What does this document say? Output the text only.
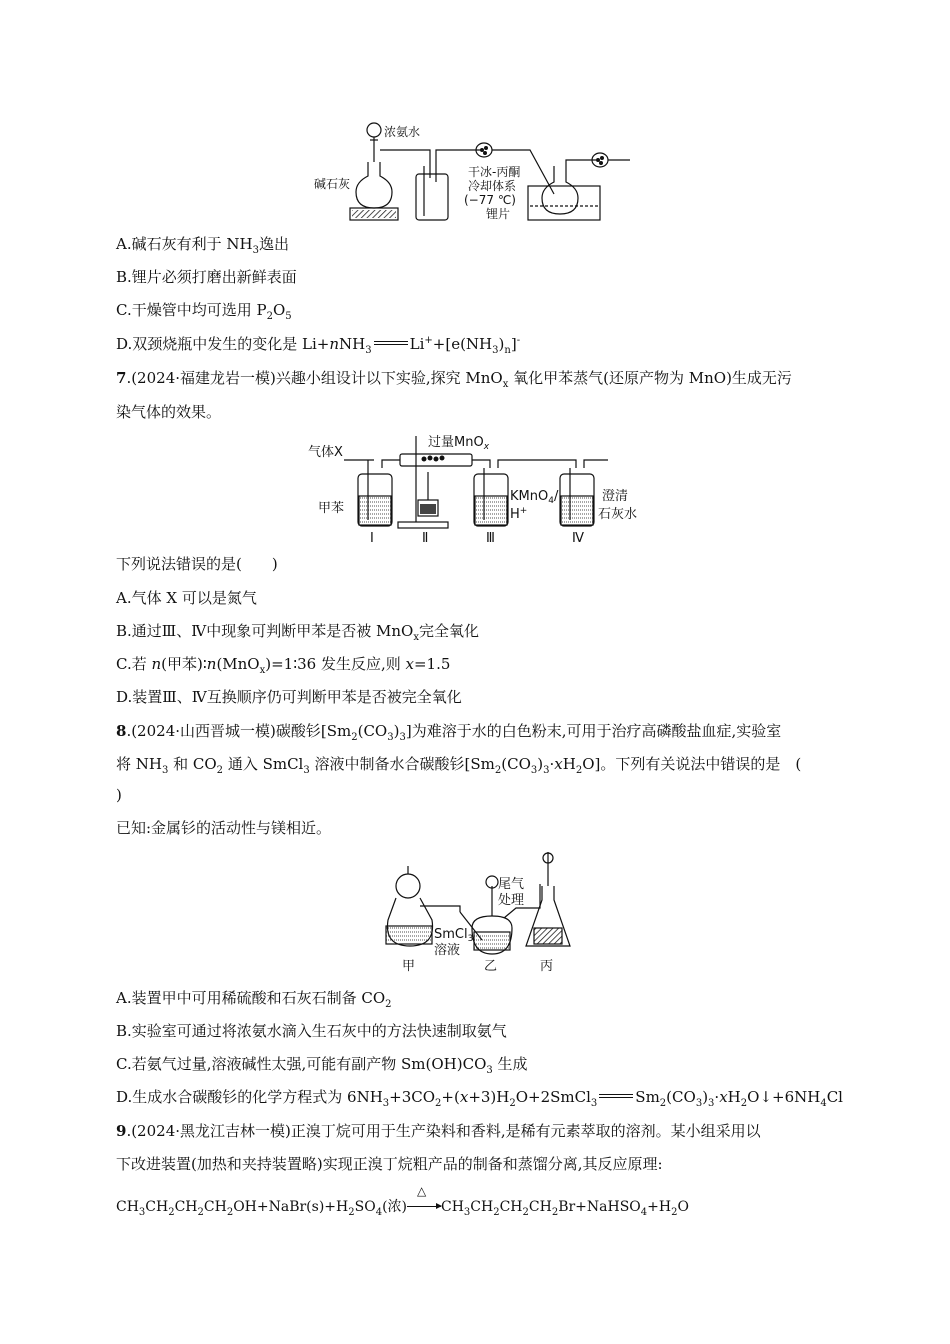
浓氨水
碱石灰
干冰-丙酮
冷却体系
(−77 ℃)
锂片
A.碱石灰有利于 $NH_3$逸出
B.锂片必须打磨出新鲜表面
C.干燥管中均可选用 $P_2O_5$
D.双颈烧瓶中发生的变化是 Li+nNH$_3$	$Li^++[e(NH_3)_n]^-$
7.(2024·福建龙岩一模)兴趣小组设计以下实验,探究 MnO$_x$ 氧化甲苯蒸气(还原产物为 MnO)生成无污
染气体的效果。
气体X
过量MnO$_x$
甲苯
KMnO$_4$/
H+
澄清
石灰水
Ⅰ	Ⅱ	Ⅲ	Ⅳ
下列说法错误的是(　　)
A.气体 X 可以是氮气
B.通过Ⅲ、Ⅳ中现象可判断甲苯是否被 MnO$_x$完全氧化
C.若 n(甲苯)∶n(MnO$_x$)=1∶36 发生反应,则 x=1.5
D.装置Ⅲ、Ⅳ互换顺序仍可判断甲苯是否被完全氧化
8.(2024·山西晋城一模)碳酸钐$[Sm_2(CO_3)_3]$为难溶于水的白色粉末,可用于治疗高磷酸盐血症,实验室
将 $NH_3$ 和 $CO_2$ 通入 SmCl$_3$ 溶液中制备水合碳酸钐$[Sm_2(CO_3)_3\cdot xH_2O]$。下列有关说法中错误的是　(
)
已知:金属钐的活动性与镁相近。
尾气
处理
SmCl$_3$
溶液
甲	乙	丙
A.装置甲中可用稀硫酸和石灰石制备 $CO_2$
B.实验室可通过将浓氨水滴入生石灰中的方法快速制取氨气
C.若氨气过量,溶液碱性太强,可能有副产物 $Sm(OH)CO_3$ 生成
D.生成水合碳酸钐的化学方程式为 $6NH_3+3CO_2+(x+3)H_2O+2SmCl_3$	$Sm_2(CO_3)_3\cdot xH_2O↓+6NH_4Cl$
9.(2024·黑龙江吉林一模)正溴丁烷可用于生产染料和香料,是稀有元素萃取的溶剂。某小组采用以
下改进装置(加热和夹持装置略)实现正溴丁烷粗产品的制备和蒸馏分离,其反应原理:
$CH_3CH_2CH_2CH_2OH+NaBr(s)+H_2SO_4$(浓)
△
$CH_3CH_2CH_2CH_2Br+NaHSO_4+H_2O$
